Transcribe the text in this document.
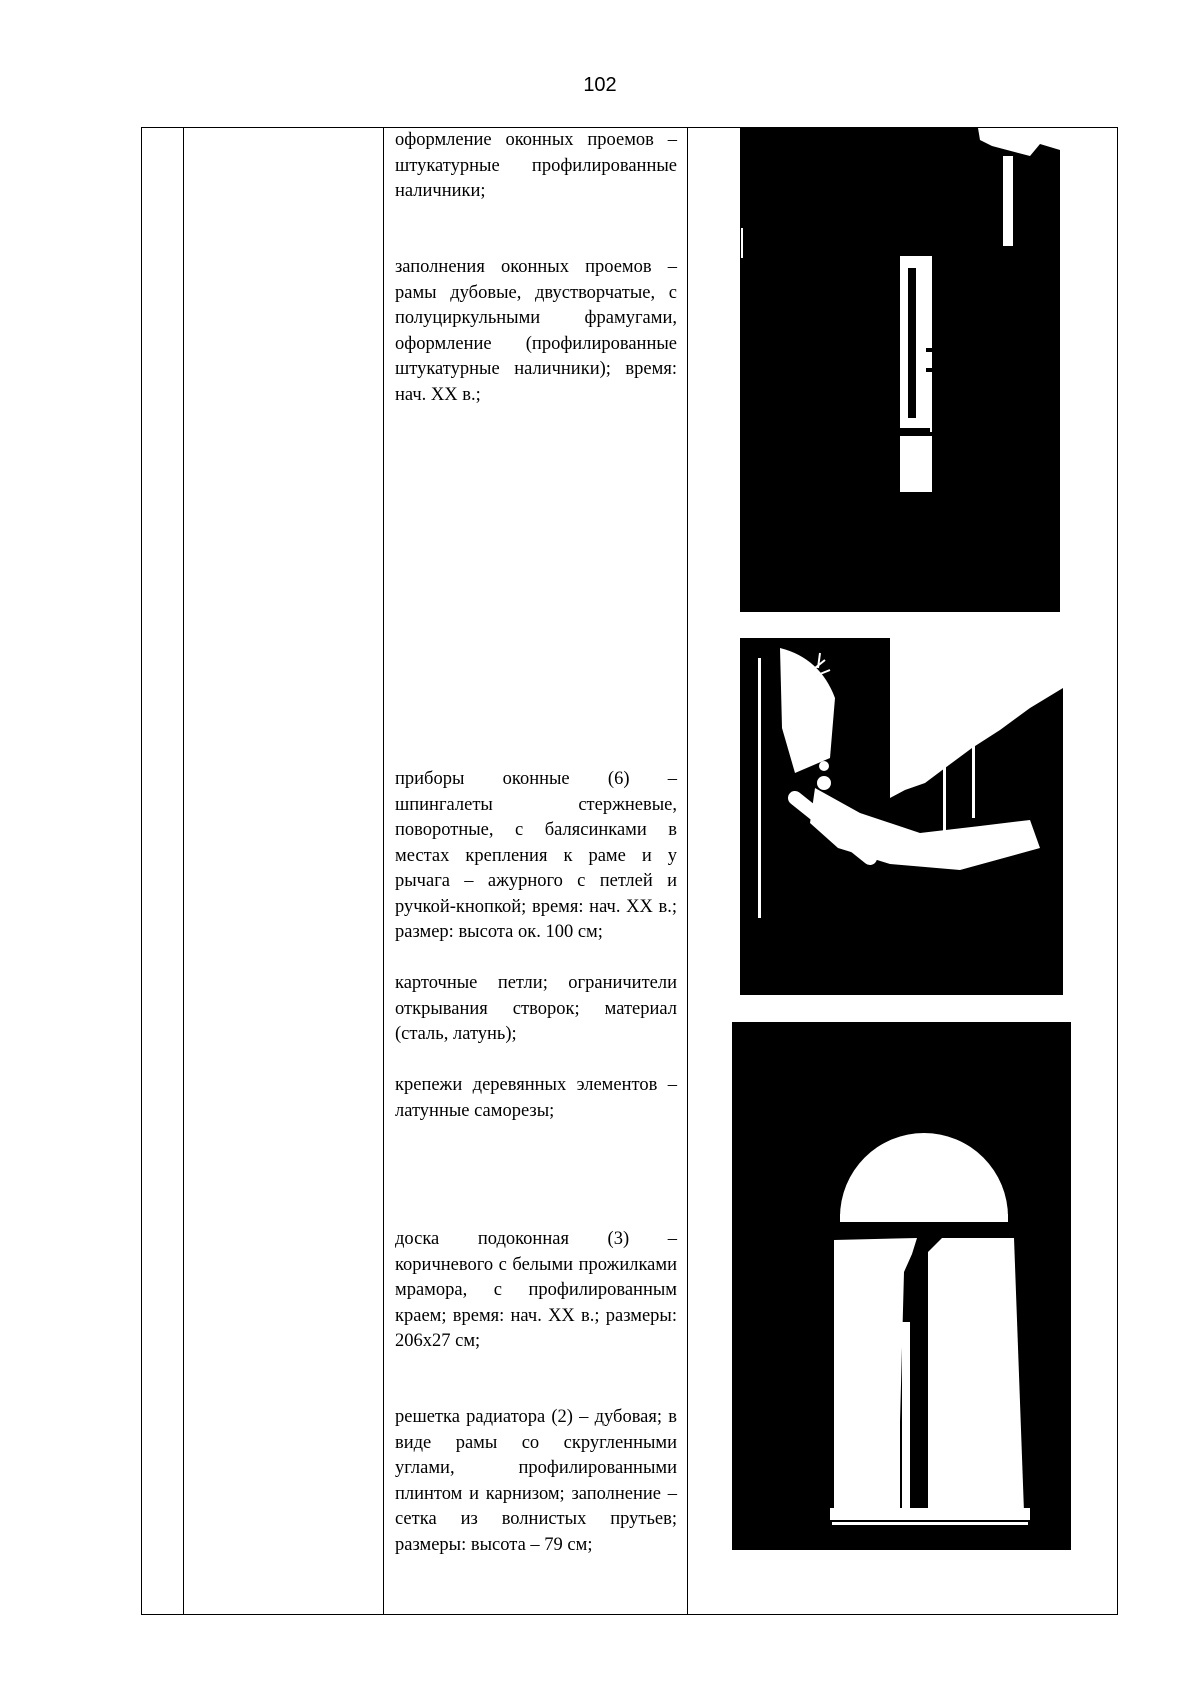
102
оформление оконных проемов – штукатурные профилированные наличники;
заполнения оконных проемов – рамы дубовые, двустворчатые, с полуциркульными фрамугами, оформление (профилированные штукатурные наличники); время: нач. XX в.;
приборы оконные (6) – шпингалеты стержневые, поворотные, с балясинками в местах крепления к раме и у рычага – ажурного с петлей и ручкой-кнопкой; время: нач. XX в.; размер: высота ок. 100 см;
карточные петли; ограничители открывания створок; материал (сталь, латунь);
крепежи деревянных элементов – латунные саморезы;
доска подоконная (3) – коричневого с белыми прожилками мрамора, с профилированным краем; время: нач. XX в.; размеры: 206х27 см;
решетка радиатора (2) – дубовая; в виде рамы со скругленными углами, профилированными плинтом и карнизом; заполнение – сетка из волнистых прутьев; размеры: высота – 79 см;
